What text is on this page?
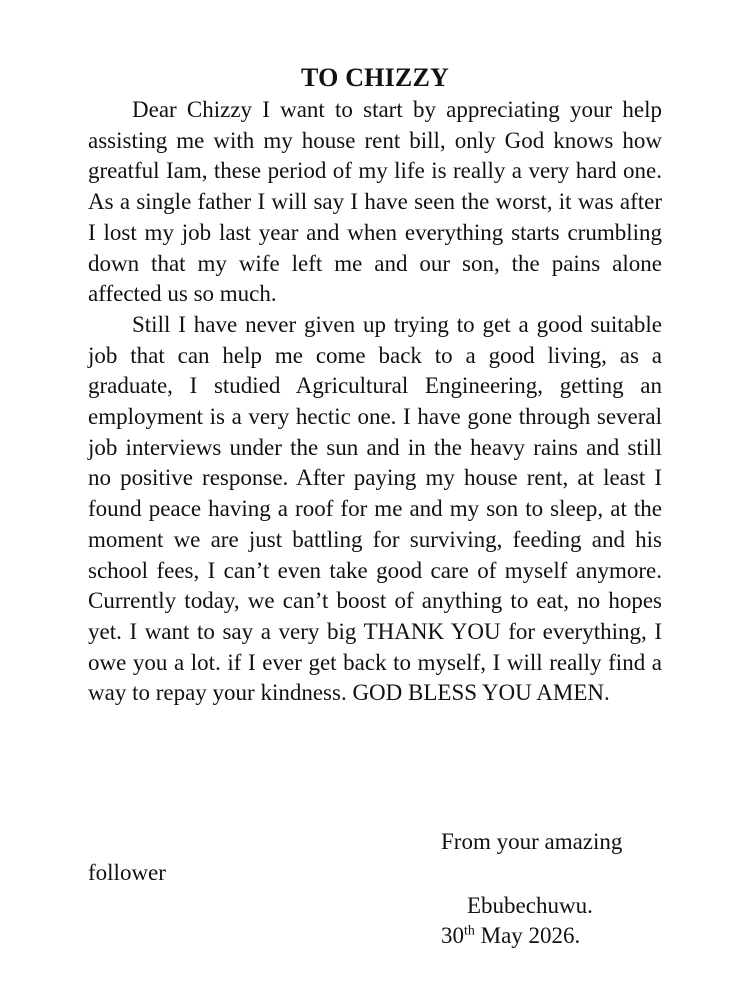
TO CHIZZY

Dear Chizzy I want to start by appreciating your help assisting me with my house rent bill, only God knows how greatful Iam, these period of my life is really a very hard one. As a single father I will say I have seen the worst, it was after I lost my job last year and when everything starts crumbling down that my wife left me and our son, the pains alone affected us so much.

Still I have never given up trying to get a good suitable job that can help me come back to a good living, as a graduate, I studied Agricultural Engineering, getting an employment is a very hectic one. I have gone through several job interviews under the sun and in the heavy rains and still no positive response. After paying my house rent, at least I found peace having a roof for me and my son to sleep, at the moment we are just battling for surviving, feeding and his school fees, I can’t even take good care of myself anymore. Currently today, we can’t boost of anything to eat, no hopes yet. I want to say a very big THANK YOU for everything, I owe you a lot. if I ever get back to myself, I will really find a way to repay your kindness. GOD BLESS YOU AMEN.

From your amazing
follower
Ebubechuwu.
30th May 2026.
